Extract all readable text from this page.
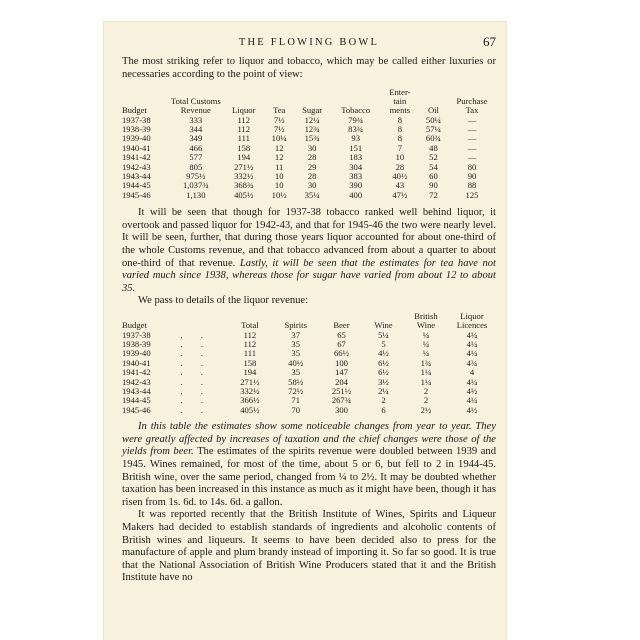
THE FLOWING BOWL	67

The most striking refer to liquor and tobacco, which may be called either luxuries or necessaries according to the point of view:

Budget	Total Customs Revenue	Liquor	Tea	Sugar	Tobacco	Enter-tain ments	Oil	Purchase Tax
1937-38	333	112	7½	12¼	79¾	8	50¼	—
1938-39	344	112	7½	12¾	83¾	8	57¼	—
1939-40	349	111	10¼	15¾	93	8	60¾	—
1940-41	466	158	12	30	151	7	48	—
1941-42	577	194	12	28	183	10	52	—
1942-43	805	271½	11	29	304	28	54	80
1943-44	975½	332½	10	28	383	40½	60	90
1944-45	1,037¾	368¾	10	30	390	43	90	88
1945-46	1,130	405½	10½	35¼	400	47½	72	125

It will be seen that though for 1937-38 tobacco ranked well behind liquor, it overtook and passed liquor for 1942-43, and that for 1945-46 the two were nearly level. It will be seen, further, that during those years liquor accounted for about one-third of the whole Customs revenue, and that tobacco advanced from about a quarter to about one-third of that revenue. Lastly, it will be seen that the estimates for tea have not varied much since 1938, whereas those for sugar have varied from about 12 to about 35.

We pass to details of the liquor revenue:

Budget		Total	Spirits	Beer	Wine	British Wine	Liquor Licences
1937-38	. .	112	37	65	5¼	¼	4¼
1938-39	. .	112	35	67	5	¼	4¼
1939-40	. .	111	35	66½	4½	¼	4¼
1940-41	. .	158	40½	100	6½	1¾	4¾
1941-42	. .	194	35	147	6½	1¼	4
1942-43	. .	271½	58½	204	3½	1¼	4¼
1943-44	. .	332½	72½	251½	2¼	2	4½
1944-45	. .	366½	71	267¾	2	2	4¼
1945-46	. .	405½	70	300	6	2½	4½

In this table the estimates show some noticeable changes from year to year. They were greatly affected by increases of taxation and the chief changes were those of the yields from beer. The estimates of the spirits revenue were doubled between 1939 and 1945. Wines remained, for most of the time, about 5 or 6, but fell to 2 in 1944-45. British wine, over the same period, changed from ¼ to 2½. It may be doubted whether taxation has been increased in this instance as much as it might have been, though it has risen from 1s. 6d. to 14s. 6d. a gallon.

It was reported recently that the British Institute of Wines, Spirits and Liqueur Makers had decided to establish standards of ingredients and alcoholic contents of British wines and liqueurs. It seems to have been decided also to press for the manufacture of apple and plum brandy instead of importing it. So far so good. It is true that the National Association of British Wine Producers stated that it and the British Institute have no
